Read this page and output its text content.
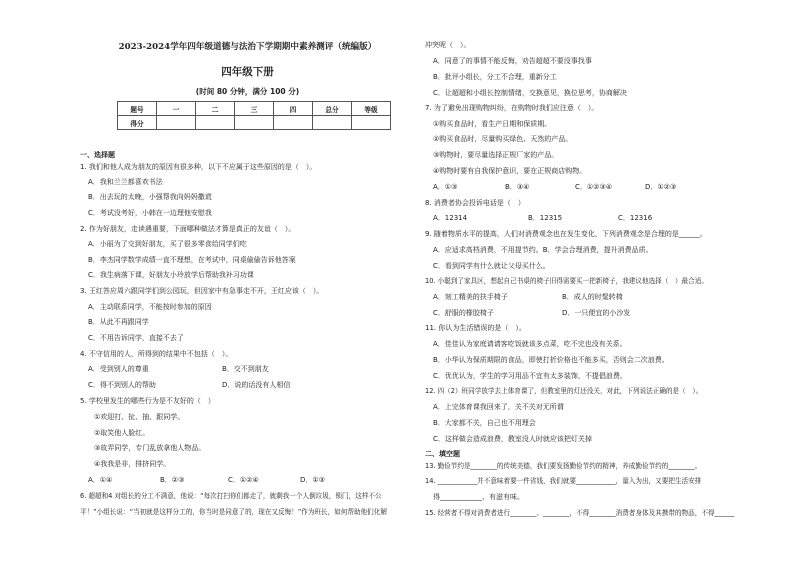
2023-2024学年四年级道德与法治下学期期中素养测评（统编版）
四年级下册
(时间 80 分钟，满分 100 分)
题号	一	二	三	四	总分	等级
得分						
一、选择题
1. 我们和他人成为朋友的原因有很多种，以下不应属于这些原因的是（　）。
A．我和兰兰都喜欢书法
B．出去玩的太晚，小强帮我向妈妈撒谎
C．考试没考好，小韩在一边理他安慰我
2. 作为好朋友，走读遇重要，下面哪种做法才算是真正的友谊（　）。
A．小丽为了交到好朋友，买了很多零食给同学们吃
B．李杰同学数学成绩一直不理想，在考试中，同桌偷偷告诉他答案
C．我生病落下课，好朋友小玲放学后帮助我补习功课
3. 王红答应周六跟同学们到公园玩，但因家中有急事走不开，王红应该（　）。
A．主动联系同学，不能按时参加的原因
B．从此不再跟同学
C．不用告诉同学，直接不去了
4. 不守信用的人，所得到的结果中不包括（　）。
A．受到别人的尊重	B．交不到朋友
C．得不到别人的帮助	D．说的话没有人相信
5. 学校里发生的哪些行为是不友好的（　）
①欢迎打、扯、抽、跟同学。
②取笑他人脸红。
③故弄同学，专门乱放拿他人物品。
④我我是非，排挤同学。
A．①④	B．②③	C．①②④	D．①③
6. 超超和4 对组长的分工不满意，他说：“每次打扫你们都走了，就剩我一个人倒垃圾，锁门，这样不公
平！”小组长说：“当初就是这样分工的，你当时是同意了的，现在又反悔！”作为班长，如何帮助他们化解
冲突呢（　）。
A．同意了的事情不能反悔，劝告超超不要没事找事
B．批评小组长，分工不合理，重新分工
C．让超超和小组长控制情绪，交换意见，换位思考，协商解决
7. 为了避免出现购物纠纷，在购物时我们应注意（　）。
①购买食品时，看生产日期和保质期。
②购买食品时，尽量购买绿色、天然的产品。
③购物时，要尽量选择正规厂家的产品。
④购物时要有自我保护意识，要在正规商店购物。
A．①③	B．③④	C．①②③④	D．①②③
8. 消费者协会投诉电话是（　）
A．12314	B．12315	C．12316
9. 随着物质水平的提高，人们对消费观念也在发生变化，下列消费观念是合理的是______。
A．应适求高档消费，不用提节约。B．学会合理消费，提升消费品质。
C．看到同学有什么就让父母买什么。
10. 小聪到了家具区，想起自己书桌的椅子旧得需要买一把新椅子，我建议他选择（　）最合适。
A．刻工精美的扶手椅子	B．成人的时髦转椅
C．舒服的橡胶椅子	D．一只便宜的小沙发
11. 你认为生活错误的是（　）。
A．佳佳认为家庭请请客吃饭就该多点菜，吃不完也没有关系。
B．小华认为保质期限的食品，即使打折价格也不能多买，否则会二次浪费。
C．优优认为，学生的学习用品不宜有太多装饰，不提倡浪费。
12. 四（2）班同学放学去上体育课了，但教室里的灯还没关，对此，下列说法正确的是（　）。
A．上完体育课我回来了，关不关对无所谓
B．大家都不关，自己也不用理会
C．这样做会造成浪费，教室没人时就应该把灯关掉
二、填空题
13. 勤俭节约是________的传统美德，我们要发扬勤俭节约的精神，养成勤俭节约的________。
14. ____________并不意味着要一件省钱，我们就要____________，量入为出，又要把生活安排
得____________、有滋有味。
15. 经营者不得对消费者进行________、________，不得________消费者身体及其携带的物品，不得______
